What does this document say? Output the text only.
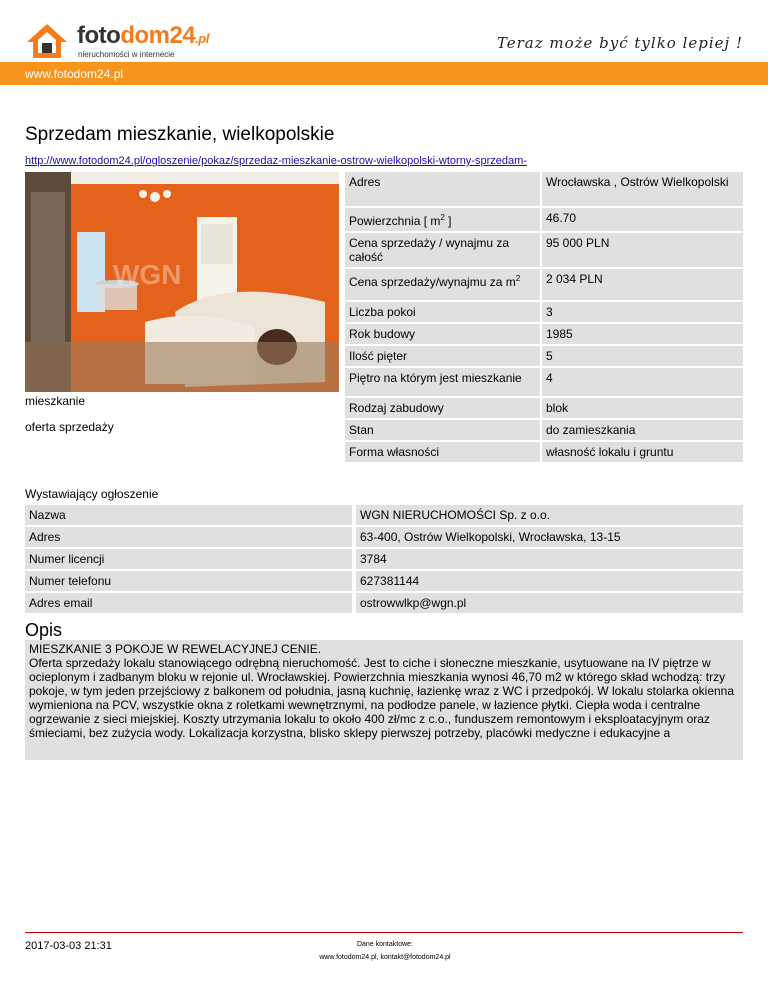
fotodom24.pl
nieruchomości w internecie
Teraz może być tylko lepiej !
www.fotodom24.pl
Sprzedam mieszkanie, wielkopolskie
http://www.fotodom24.pl/ogloszenie/pokaz/sprzedaz-mieszkanie-ostrow-wielkopolski-wtorny-sprzedam-
WGN
mieszkanie
oferta sprzedaży
Adres	Wrocławska , Ostrów Wielkopolski
Powierzchnia [ $m^2$ ]	46.70
Cena sprzedaży / wynajmu za całość	95 000 PLN
Cena sprzedaży/wynajmu za $m^2$	2 034 PLN
Liczba pokoi	3
Rok budowy	1985
Ilość pięter	5
Piętro na którym jest mieszkanie	4
Rodzaj zabudowy	blok
Stan	do zamieszkania
Forma własności	własność lokalu i gruntu
Wystawiający ogłoszenie
Nazwa	WGN NIERUCHOMOŚCI Sp. z o.o.
Adres	63-400, Ostrów Wielkopolski, Wrocławska, 13-15
Numer licencji	3784
Numer telefonu	627381144
Adres email	ostrowwlkp@wgn.pl
Opis
MIESZKANIE 3 POKOJE W REWELACYJNEJ CENIE.
Oferta sprzedaży lokalu stanowiącego odrębną nieruchomość. Jest to ciche i słoneczne mieszkanie, usytuowane na IV piętrze w ocieplonym i zadbanym bloku w rejonie ul. Wrocławskiej. Powierzchnia mieszkania wynosi 46,70 m2 w którego skład wchodzą: trzy pokoje, w tym jeden przejściowy z balkonem od południa, jasną kuchnię, łazienkę wraz z WC i przedpokój. W lokalu stolarka okienna wymieniona na PCV, wszystkie okna z roletkami wewnętrznymi, na podłodze panele, w łazience płytki. Ciepła woda i centralne ogrzewanie z sieci miejskiej. Koszty utrzymania lokalu to około 400 zł/mc z c.o., funduszem remontowym i eksploatacyjnym oraz śmieciami, bez zużycia wody. Lokalizacja korzystna, blisko sklepy pierwszej potrzeby, placówki medyczne i edukacyjne a
2017-03-03 21:31	Dane kontaktowe:
www.fotodom24.pl, kontakt@fotodom24.pl
